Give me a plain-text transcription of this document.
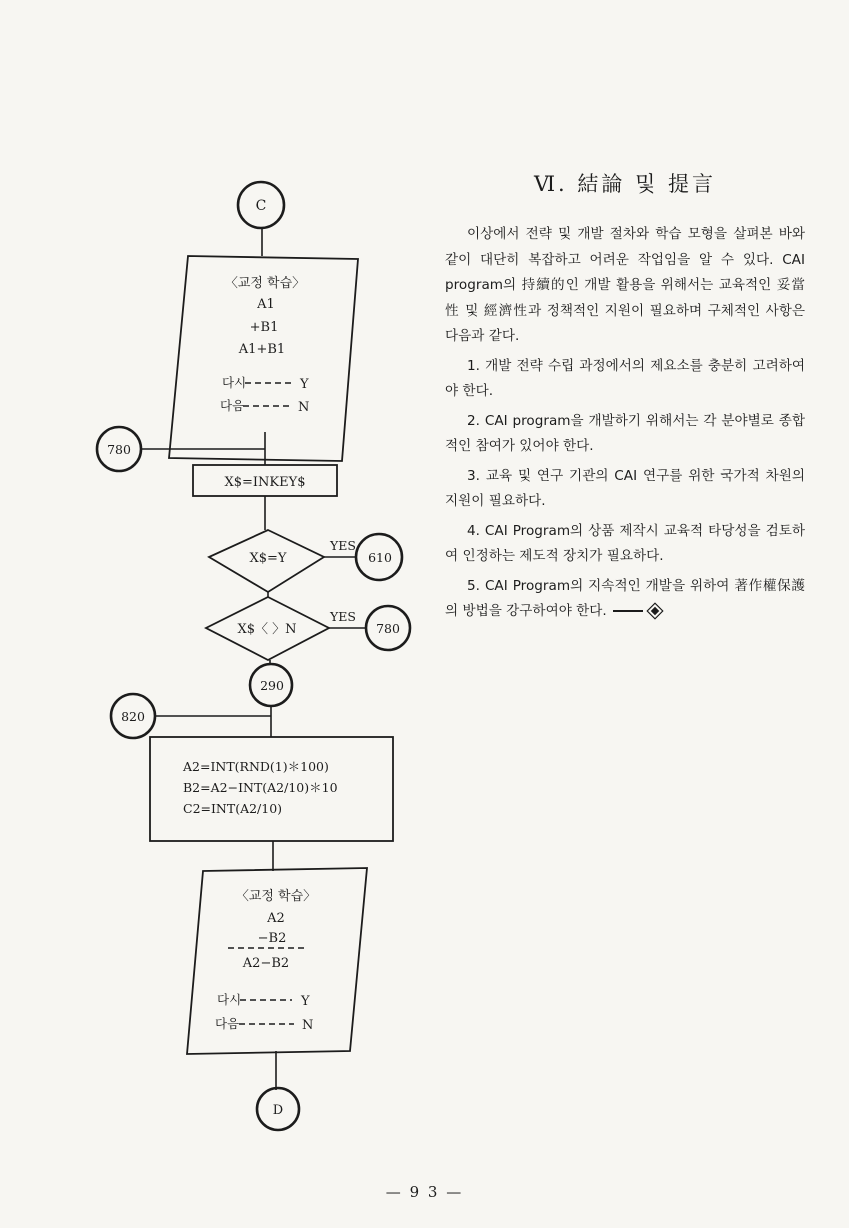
C
〈교정 학습〉
A1
+B1
A1+B1
다시	Y
다음	N
780
X$=INKEY$
X$=Y
YES
610
X$〈 〉N
YES
780
290
820
A2=INT(RND(1)＊100)
B2=A2−INT(A2/10)＊10
C2=INT(A2/10)
〈교정 학습〉
A2
−B2
A2−B2
다시	Y
다음	N
D
Ⅵ. 結論 및 提言

이상에서 전략 및 개발 절차와 학습 모형을 살펴본 바와 같이 대단히 복잡하고 어려운 작업임을 알 수 있다. CAI program의 持續的인 개발 활용을 위해서는 교육적인 妥當性 및 經濟性과 정책적인 지원이 필요하며 구체적인 사항은 다음과 같다.

1. 개발 전략 수립 과정에서의 제요소를 충분히 고려하여야 한다.

2. CAI program을 개발하기 위해서는 각 분야별로 종합적인 참여가 있어야 한다.

3. 교육 및 연구 기관의 CAI 연구를 위한 국가적 차원의 지원이 필요하다.

4. CAI Program의 상품 제작시 교육적 타당성을 검토하여 인정하는 제도적 장치가 필요하다.

5. CAI Program의 지속적인 개발을 위하여 著作權保護의 방법을 강구하여야 한다.

— 9 3 —
